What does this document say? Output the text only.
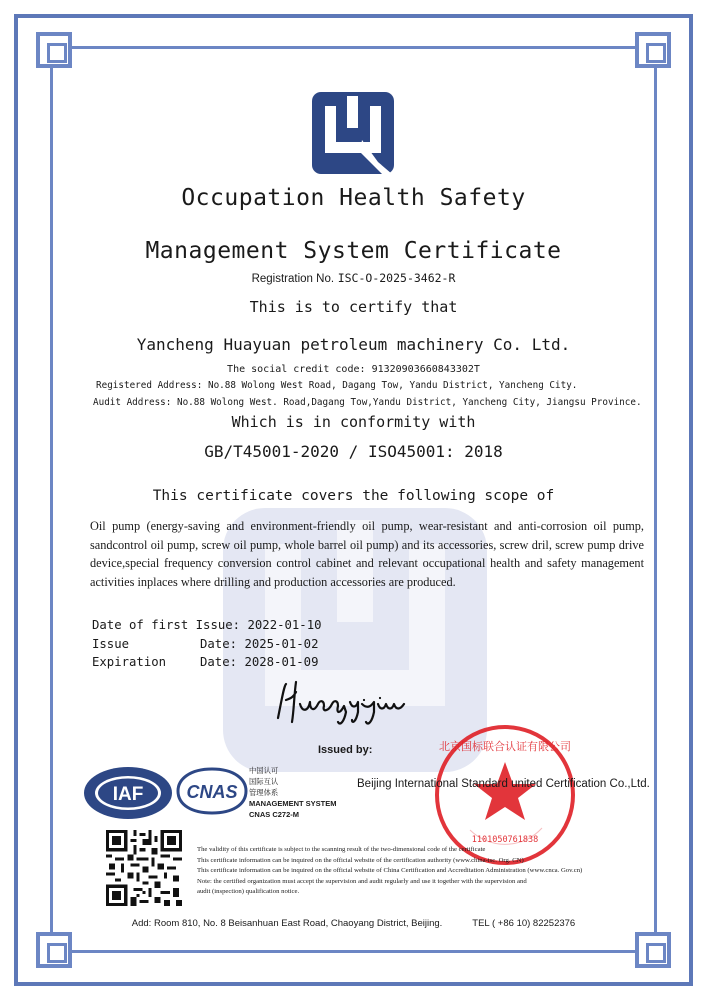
Occupation Health Safety
Management System Certificate
Registration No. ISC-O-2025-3462-R
This is to certify that
Yancheng Huayuan petroleum machinery Co. Ltd.
The social credit code: 91320903660843302T
Registered Address: No.88 Wolong West Road, Dagang Tow, Yandu District, Yancheng City.
Audit Address: No.88 Wolong West. Road,Dagang Tow,Yandu District, Yancheng City, Jiangsu Province.
Which is in conformity with
GB/T45001-2020 / ISO45001: 2018
This certificate covers the following scope of
Oil pump (energy-saving and environment-friendly oil pump, wear-resistant and anti-corrosion oil pump, sandcontrol oil pump, screw oil pump, whole barrel oil pump) and its accessories, screw dril, screw pump drive device,special frequency conversion control cabinet and relevant occupational health and safety management activities inplaces where drilling and production accessories are produced.
Date of first Issue: 2022-01-10
Issue	Date: 2025-01-02
Expiration	Date: 2028-01-09
Issued by:
IAF CNAS
中国认可
国际互认
管理体系
MANAGEMENT SYSTEM
CNAS C272-M
1101050761838
北京国标联合认证有限公司
Beijing International Standard united Certification Co.,Ltd.
The validity of this certificate is subject to the scanning result of the two-dimensional code of the certificate
This certificate information can be inquired on the official website of the certification authority (www.china-isc. Org. CN)
This certificate information can be inquired on the official website of China Certification and Accreditation Administration (www.cnca. Gov.cn)
Note: the certified organization must accept the supervision and audit regularly and use it together with the supervision and
audit (inspection) qualification notice.
Add: Room 810, No. 8 Beisanhuan East Road, Chaoyang District, Beijing.	TEL ( +86 10) 82252376
